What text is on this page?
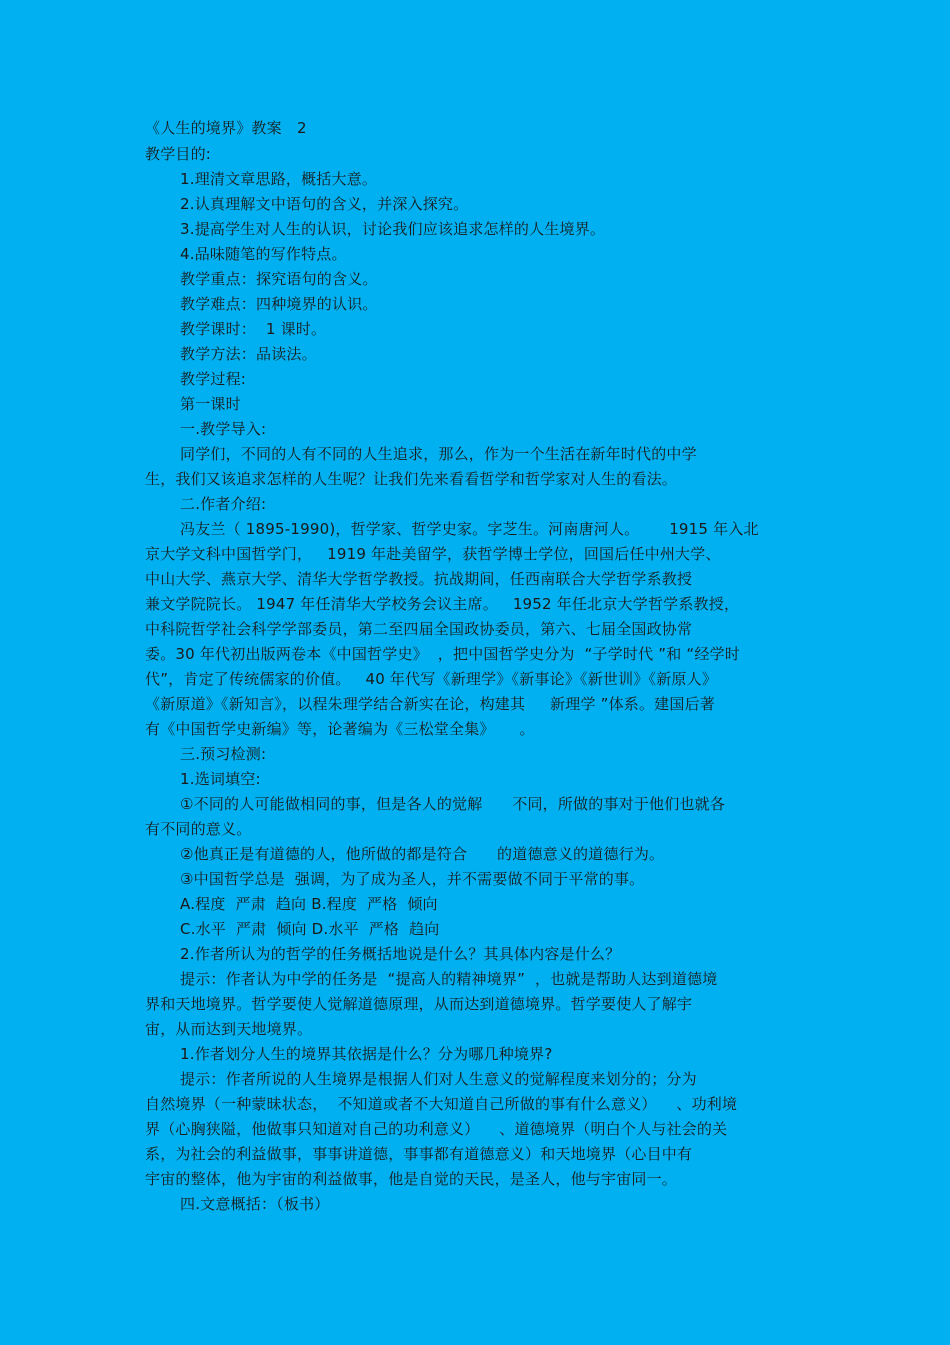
《人生的境界》教案　2
教学目的:
1.理清文章思路，概括大意。
2.认真理解文中语句的含义，并深入探究。
3.提高学生对人生的认识，讨论我们应该追求怎样的人生境界。
4.品味随笔的写作特点。
教学重点：探究语句的含义。
教学难点：四种境界的认识。
教学课时：  1 课时。
教学方法：品读法。
教学过程:
第一课时
一.教学导入:
同学们，不同的人有不同的人生追求，那么，作为一个生活在新年时代的中学
生，我们又该追求怎样的人生呢？让我们先来看看哲学和哲学家对人生的看法。
二.作者介绍:
冯友兰（ 1895-1990)，哲学家、哲学史家。字芝生。河南唐河人。      1915 年入北
京大学文科中国哲学门，   1919 年赴美留学，获哲学博士学位，回国后任中州大学、
中山大学、燕京大学、清华大学哲学教授。抗战期间，任西南联合大学哲学系教授
兼文学院院长。 1947 年任清华大学校务会议主席。   1952 年任北京大学哲学系教授，
中科院哲学社会科学学部委员，第二至四届全国政协委员，第六、七届全国政协常
委。30 年代初出版两卷本《中国哲学史》  ，把中国哲学史分为  “子学时代 ”和 “经学时
代”，肯定了传统儒家的价值。   40 年代写《新理学》《新事论》《新世训》《新原人》
《新原道》《新知言》，以程朱理学结合新实在论，构建其     新理学 ”体系。建国后著
有《中国哲学史新编》等，论著编为《三松堂全集》     。
三.预习检测:
1.选词填空:
①不同的人可能做相同的事，但是各人的觉解      不同，所做的事对于他们也就各
有不同的意义。
②他真正是有道德的人，他所做的都是符合      的道德意义的道德行为。
③中国哲学总是  强调，为了成为圣人，并不需要做不同于平常的事。
A.程度  严肃  趋向 B.程度  严格  倾向
C.水平  严肃  倾向 D.水平  严格  趋向
2.作者所认为的哲学的任务概括地说是什么？其具体内容是什么？
提示：作者认为中学的任务是  “提高人的精神境界”  ，也就是帮助人达到道德境
界和天地境界。哲学要使人觉解道德原理，从而达到道德境界。哲学要使人了解宇
宙，从而达到天地境界。
1.作者划分人生的境界其依据是什么？分为哪几种境界?
提示：作者所说的人生境界是根据人们对人生意义的觉解程度来划分的；分为
自然境界（一种蒙昧状态，  不知道或者不大知道自己所做的事有什么意义）    、功利境
界（心胸狭隘，他做事只知道对自己的功利意义）    、道德境界（明白个人与社会的关
系，为社会的利益做事，事事讲道德，事事都有道德意义）和天地境界（心目中有
宇宙的整体，他为宇宙的利益做事，他是自觉的天民，是圣人，他与宇宙同一。
四.文意概括：（板书）
